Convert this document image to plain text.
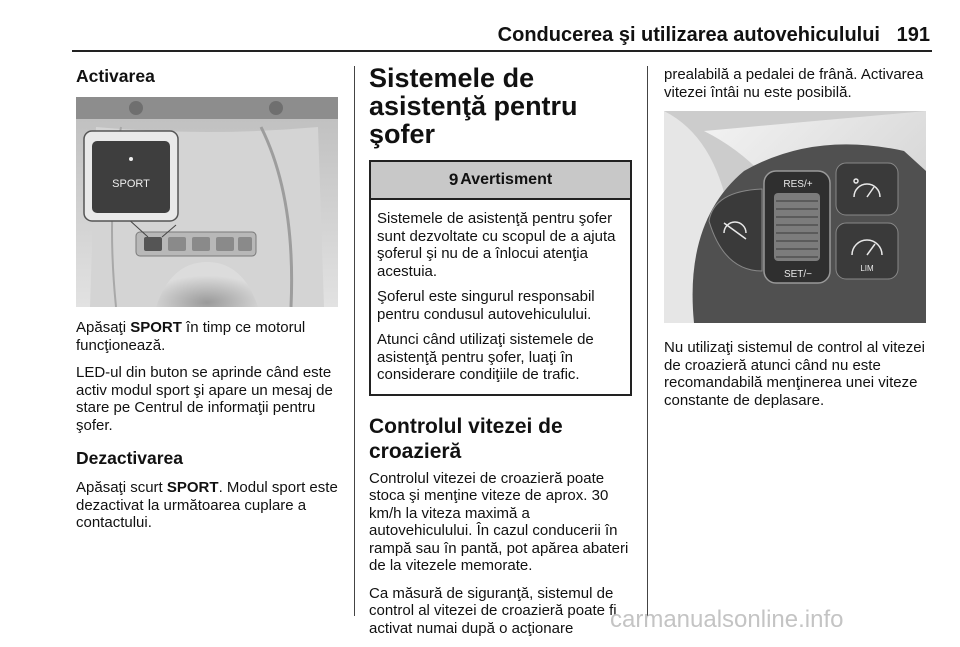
Conducerea şi utilizarea autovehiculului 191
Activarea
SPORT

Apăsaţi SPORT în timp ce motorul funcţionează.

LED-ul din buton se aprinde când este activ modul sport şi apare un mesaj de stare pe Centrul de informaţii pentru şofer.

Dezactivarea

Apăsaţi scurt SPORT. Modul sport este dezactivat la următoarea cuplare a contactului.

Sistemele de asistenţă pentru şofer
9 Avertisment

Sistemele de asistenţă pentru şofer sunt dezvoltate cu scopul de a ajuta şoferul şi nu de a înlocui atenţia acestuia.

Şoferul este singurul responsabil pentru condusul autovehiculului.

Atunci când utilizaţi sistemele de asistenţă pentru şofer, luaţi în considerare condiţiile de trafic.

Controlul vitezei de croazieră

Controlul vitezei de croazieră poate stoca şi menţine viteze de aprox. 30 km/h la viteza maximă a autovehiculului. În cazul conducerii în rampă sau în pantă, pot apărea abateri de la vitezele memorate.

Ca măsură de siguranţă, sistemul de control al vitezei de croazieră poate fi activat numai după o acţionare

prealabilă a pedalei de frână. Activarea vitezei întâi nu este posibilă.

RES/+
SET/−
LIM

Nu utilizaţi sistemul de control al vitezei de croazieră atunci când nu este recomandabilă menţinerea unei viteze constante de deplasare.

carmanualsonline.info
